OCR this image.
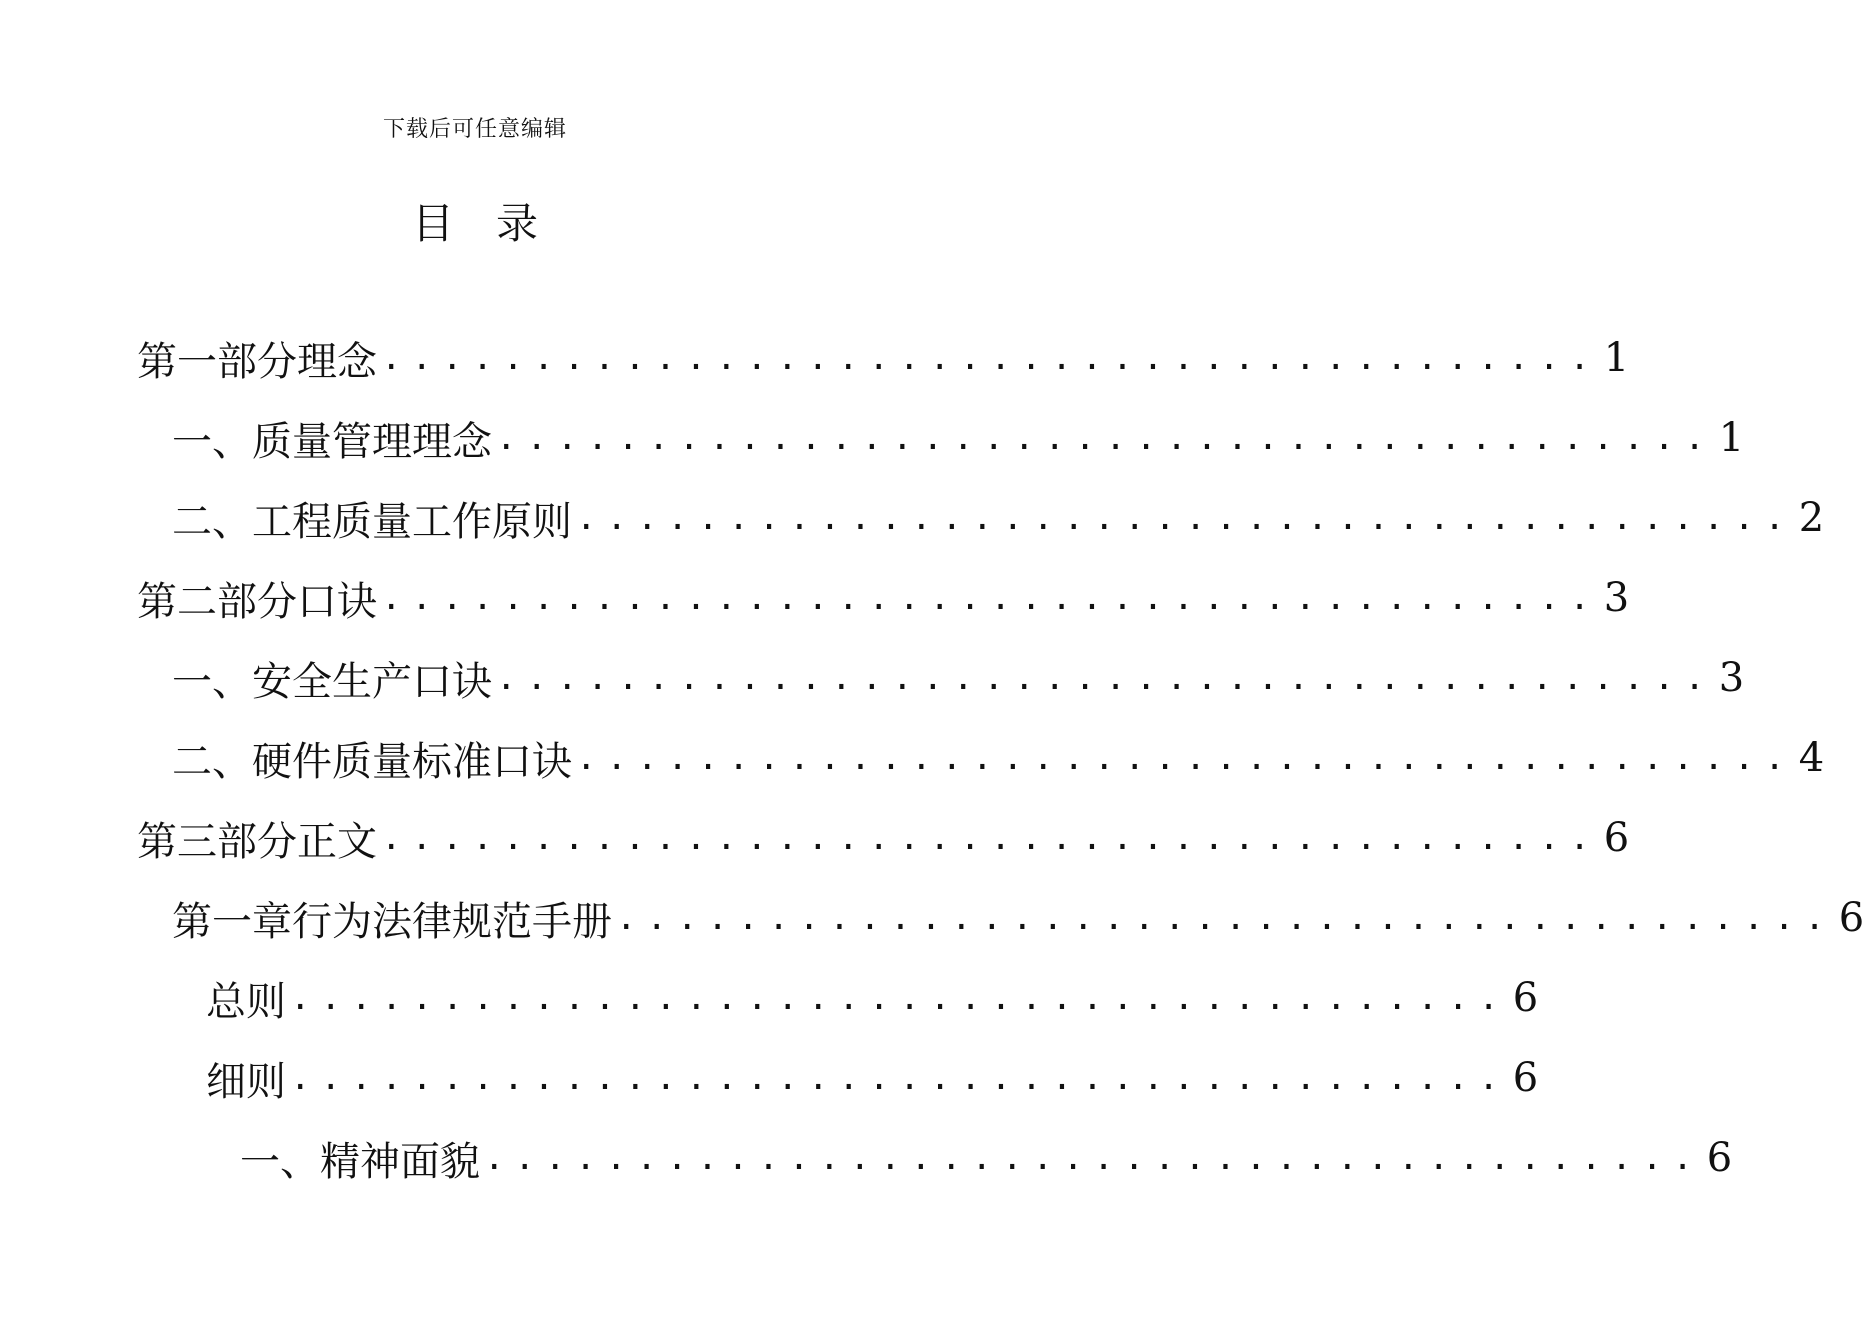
下载后可任意编辑
目 录
第一部分 理念 ........................................ 1
一、 质量管理理念 ........................................ 1
二、 工程质量工作原则 ........................................ 2
第二部分 口诀 ........................................ 3
一、 安全生产口诀 ........................................ 3
二、 硬件质量标准口诀 ........................................ 4
第三部分 正文 ........................................ 6
第一章 行为法律规范手册 ........................................ 6
总 则 ........................................ 6
细 则 ........................................ 6
一、 精神面貌 ........................................ 6
